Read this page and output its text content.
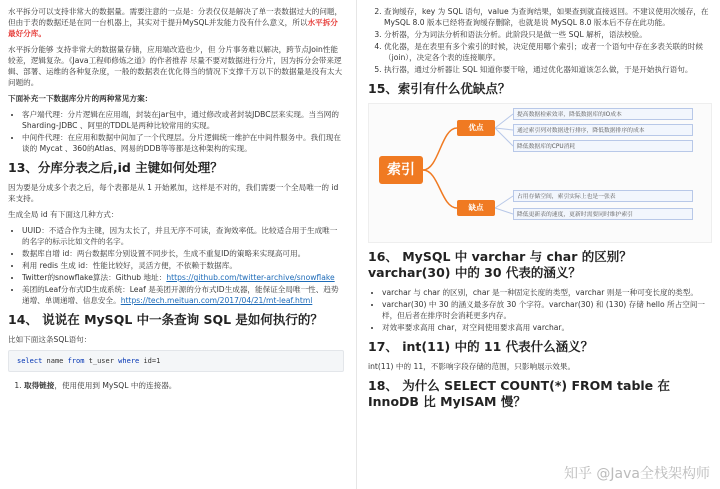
水平拆分可以支持非常大的数据量。需要注意的一点是：分表仅仅是解决了单一表数据过大的问题，但由于表的数据还是在同一台机器上，其实对于提升MySQL并发能力没有什么意义，所以水平拆分最好分库。

水平拆分能够 支持非常大的数据量存储，应用端改造也少，但 分片事务难以解决，跨节点Join性能较差，逻辑复杂。《Java工程师修炼之道》的作者推荐 尽量不要对数据进行分片，因为拆分会带来逻辑、部署、运维的各种复杂度，一般的数据表在优化得当的情况下支撑千万以下的数据量是没有太大问题的。

下面补充一下数据库分片的两种常见方案：

• 客户端代理：分片逻辑在应用端，封装在jar包中，通过修改或者封装JDBC层来实现。当当网的 Sharding-JDBC 、阿里的TDDL是两种比较常用的实现。
• 中间件代理：在应用和数据中间加了一个代理层。分片逻辑统一维护在中间件服务中。我们现在谈的 Mycat 、360的Atlas、网易的DDB等等都是这种架构的实现。
13、分库分表之后,id 主键如何处理？

因为要是分成多个表之后，每个表都是从 1 开始累加，这样是不对的，我们需要一个全局唯一的 id 来支持。

生成全局 id 有下面这几种方式：

• UUID：不适合作为主键，因为太长了，并且无序不可读，查询效率低。比较适合用于生成唯一的名字的标示比如文件的名字。
• 数据库自增 id：两台数据库分别设置不同步长，生成不重复ID的策略来实现高可用。
• 利用 redis 生成 id：性能比较好，灵活方便，不依赖于数据库。
• Twitter的snowflake算法：Github 地址：https://github.com/twitter-archive/snowflake
• 美团的Leaf分布式ID生成系统：Leaf 是美团开源的分布式ID生成器，能保证全局唯一性、趋势递增、单调递增、信息安全。https://tech.meituan.com/2017/04/21/mt-leaf.html
14、 说说在 MySQL 中一条查询 SQL 是如何执行的？

比如下面这条SQL语句：

select name from t_user where id=1
1. 取得链接，使用使用到 MySQL 中的连接器。
2. 查询缓存，key 为 SQL 语句，value 为查询结果，如果查到就直接返回。不建议使用次缓存，在 MySQL 8.0 版本已经将查询缓存删除，也就是说 MySQL 8.0 版本后不存在此功能。
3. 分析器，分为词法分析和语法分析。此阶段只是做一些 SQL 解析，语法校验。
4. 优化器，是在表里有多个索引的时候，决定使用哪个索引；或者一个语句中存在多表关联的时候（join），决定各个表的连接顺序。
5. 执行器，通过分析器让 SQL 知道你要干啥，通过优化器知道该怎么做，于是开始执行语句。
15、索引有什么优缺点？
索引
优点
缺点
提高数据检索效率，降低数据库的IO成本
通过索引列对数据进行排序，降低数据排序的成本
降低数据库的CPU消耗
占用存储空间，索引实际上也是一张表
降低更新表的速度，更新时需要同时维护索引
16、 MySQL 中 varchar 与 char 的区别？varchar(30) 中的 30 代表的涵义？
• varchar 与 char 的区别，char 是一种固定长度的类型，varchar 则是一种可变长度的类型。
• varchar(30) 中 30 的涵义最多存放 30 个字符。varchar(30) 和 (130) 存储 hello 所占空间一样，但后者在排序时会消耗更多内存。
• 对效率要求高用 char，对空间使用要求高用 varchar。
17、 int(11) 中的 11 代表什么涵义？

int(11) 中的 11，不影响字段存储的范围，只影响展示效果。

18、 为什么 SELECT COUNT(*) FROM table 在 InnoDB 比 MyISAM 慢？
知乎 @Java全栈架构师
